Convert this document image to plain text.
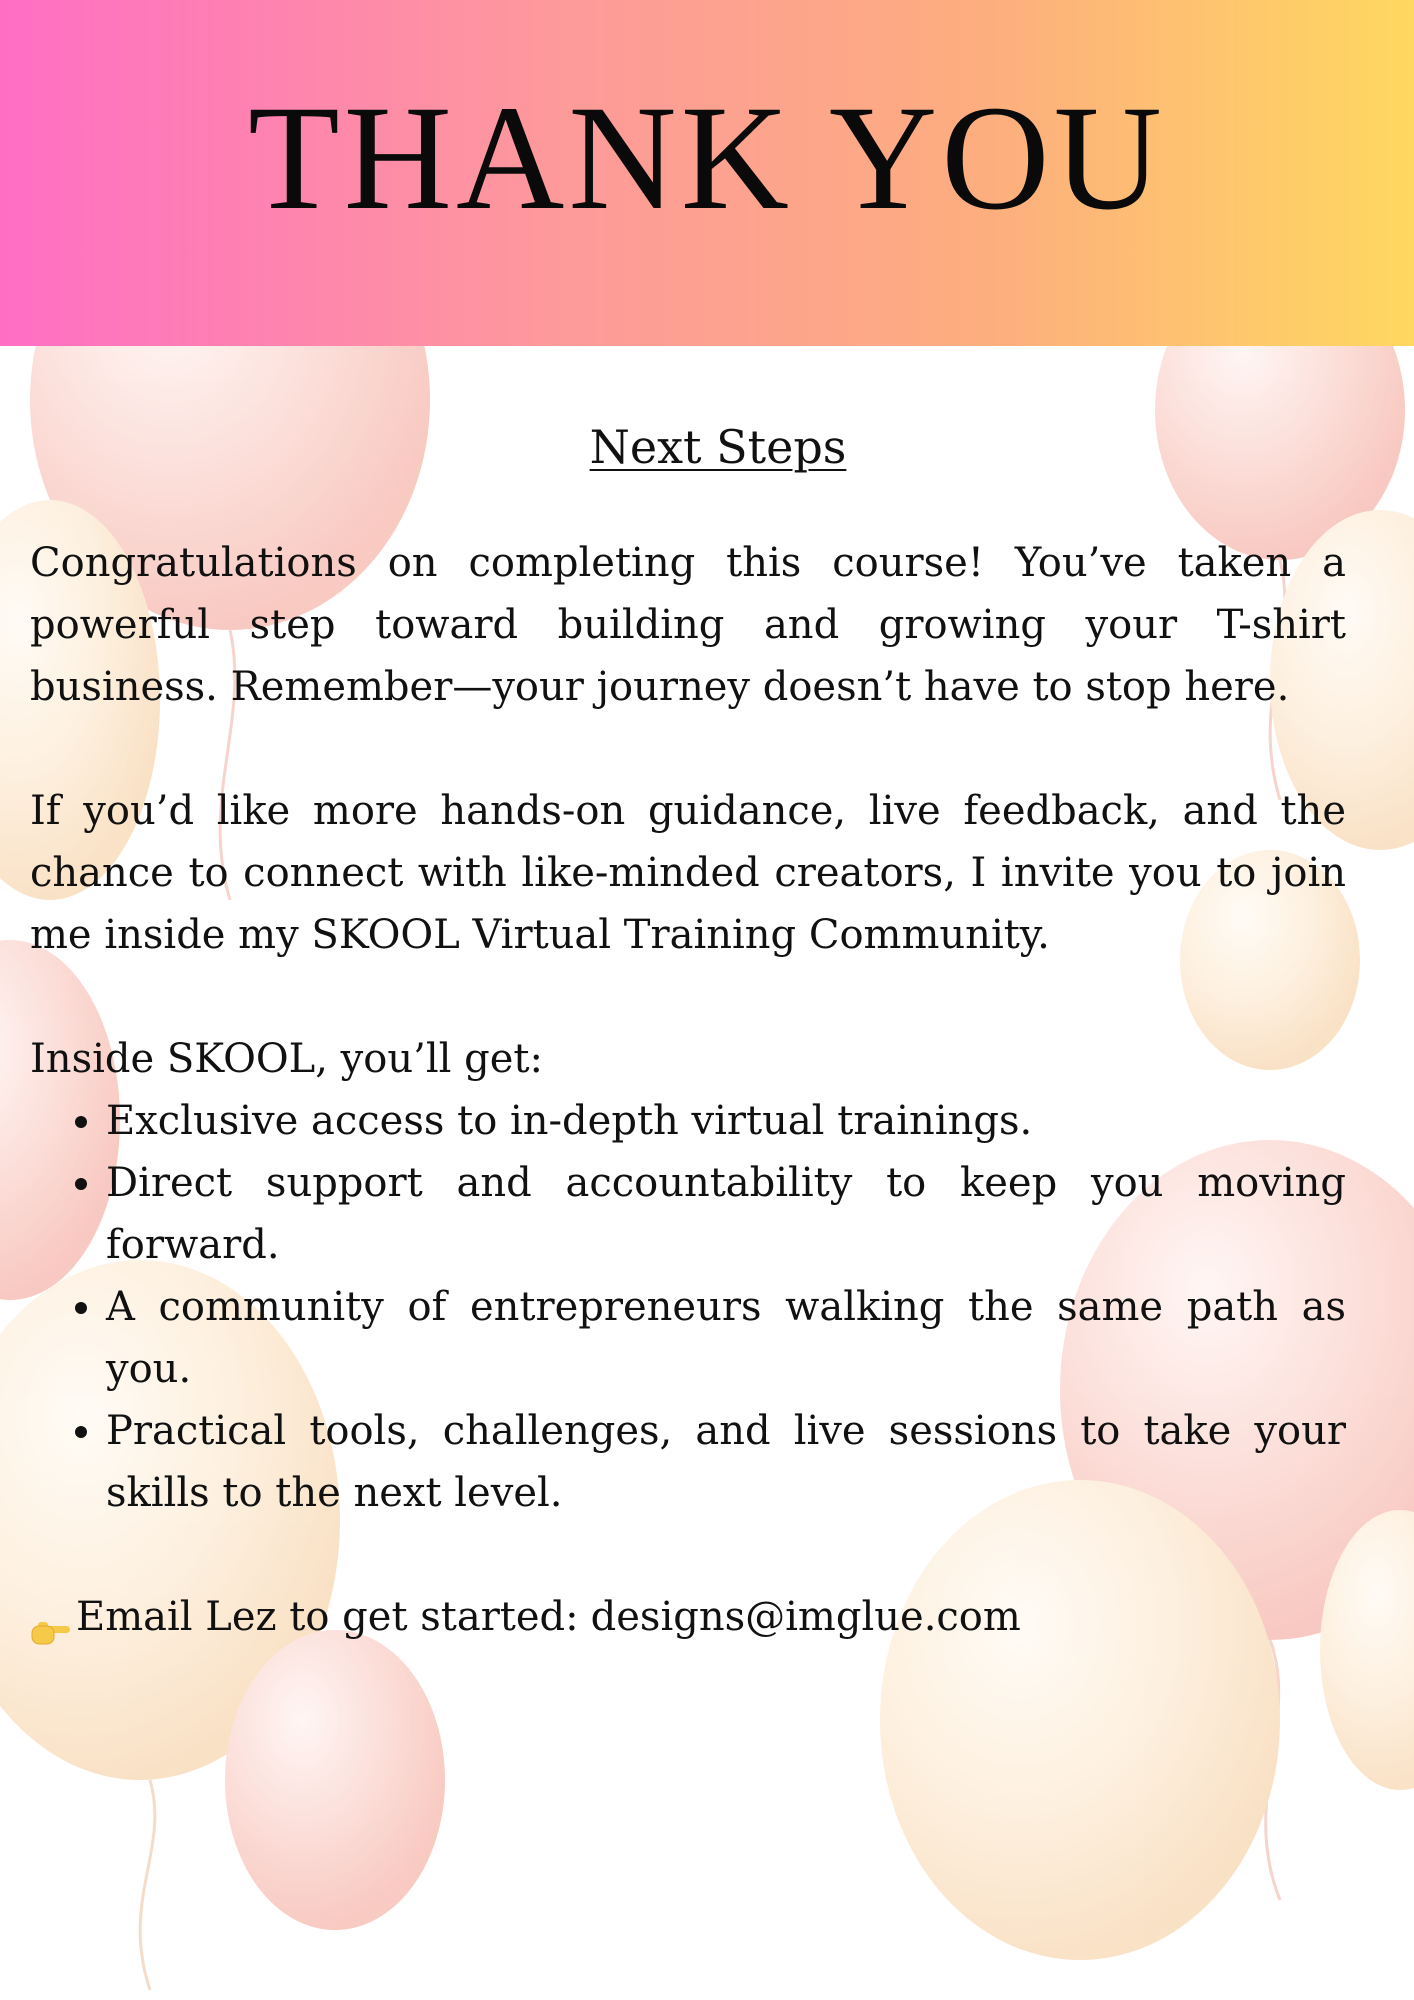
THANK YOU
Next Steps

Congratulations on completing this course! You’ve taken a powerful step toward building and growing your T-shirt business. Remember—your journey doesn’t have to stop here.

If you’d like more hands-on guidance, live feedback, and the chance to connect with like-minded creators, I invite you to join me inside my SKOOL Virtual Training Community.

Inside SKOOL, you’ll get:

• Exclusive access to in-depth virtual trainings.
• Direct support and accountability to keep you moving forward.
• A community of entrepreneurs walking the same path as you.
• Practical tools, challenges, and live sessions to take your skills to the next level.
Email Lez to get started: designs@imglue.com
